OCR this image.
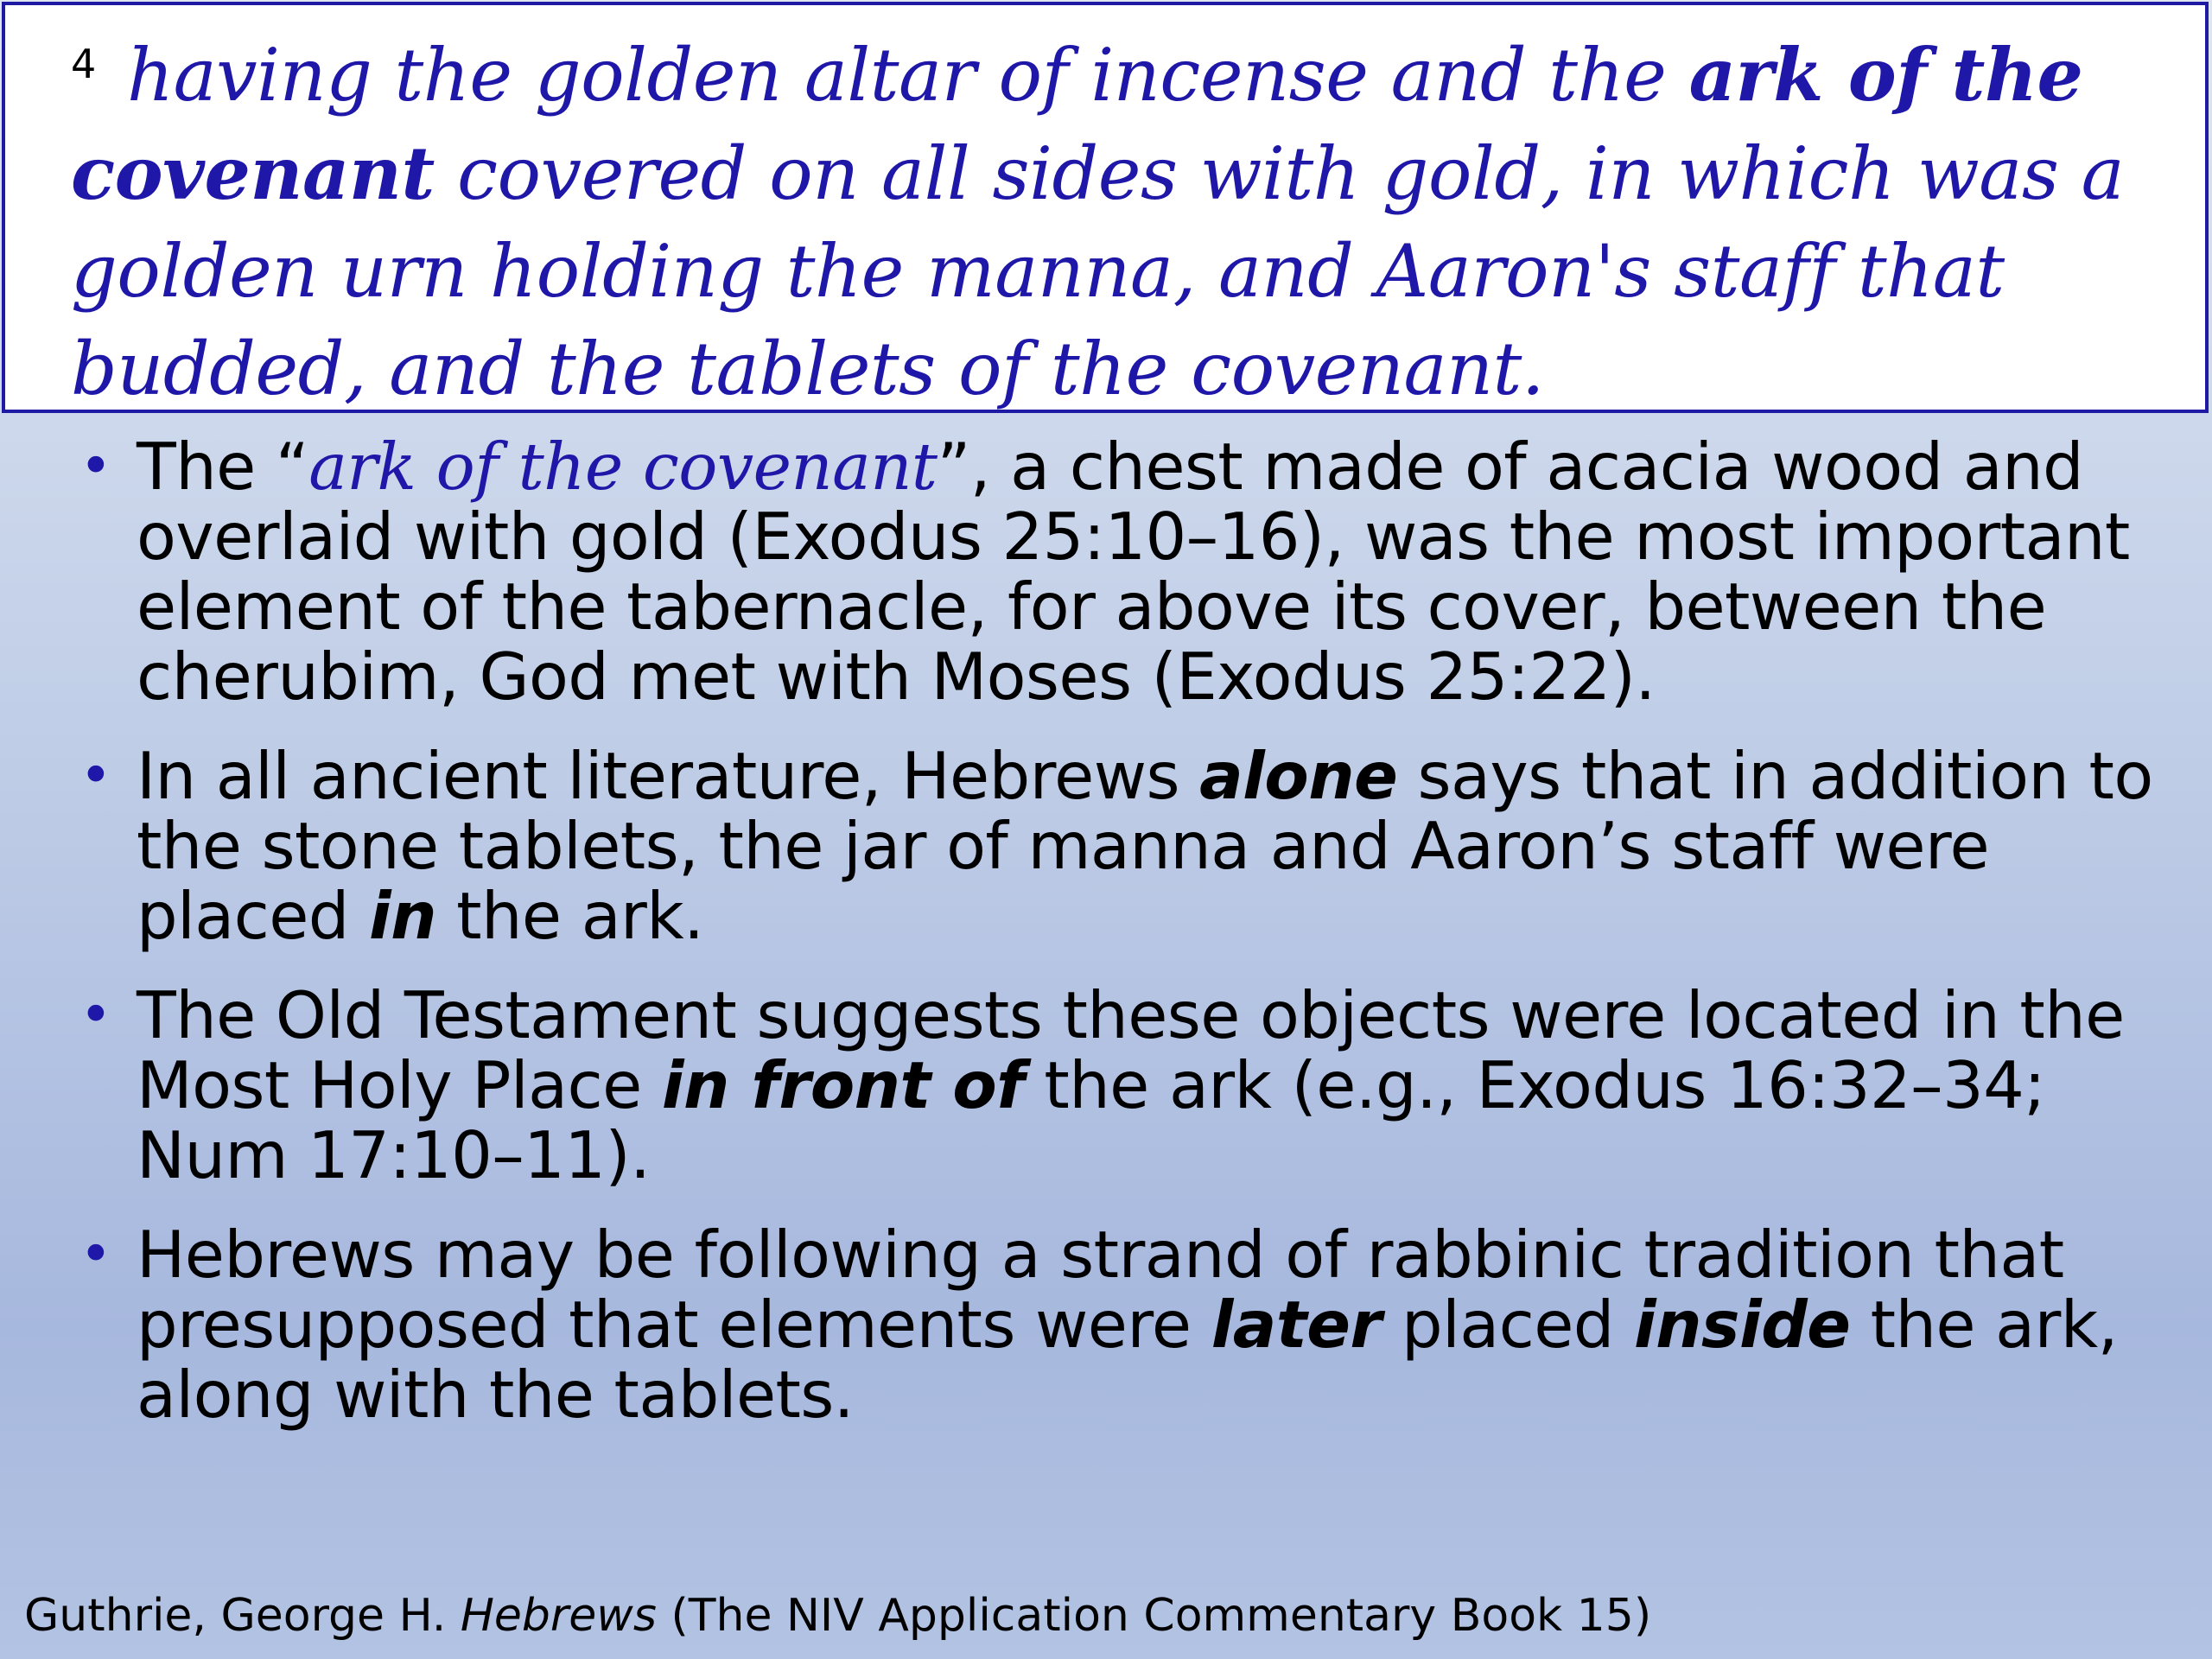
$^4$ having the golden altar of incense and the ark of the covenant covered on all sides with gold, in which was a golden urn holding the manna, and Aaron's staff that budded, and the tablets of the covenant.

• The “ark of the covenant”, a chest made of acacia wood and overlaid with gold (Exodus 25:10–16), was the most important element of the tabernacle, for above its cover, between the cherubim, God met with Moses (Exodus 25:22).
• In all ancient literature, Hebrews alone says that in addition to the stone tablets, the jar of manna and Aaron’s staff were placed in the ark.
• The Old Testament suggests these objects were located in the Most Holy Place in front of the ark (e.g., Exodus 16:32–34; Num 17:10–11).
• Hebrews may be following a strand of rabbinic tradition that presupposed that elements were later placed inside the ark, along with the tablets.

Guthrie, George H. Hebrews (The NIV Application Commentary Book 15)
